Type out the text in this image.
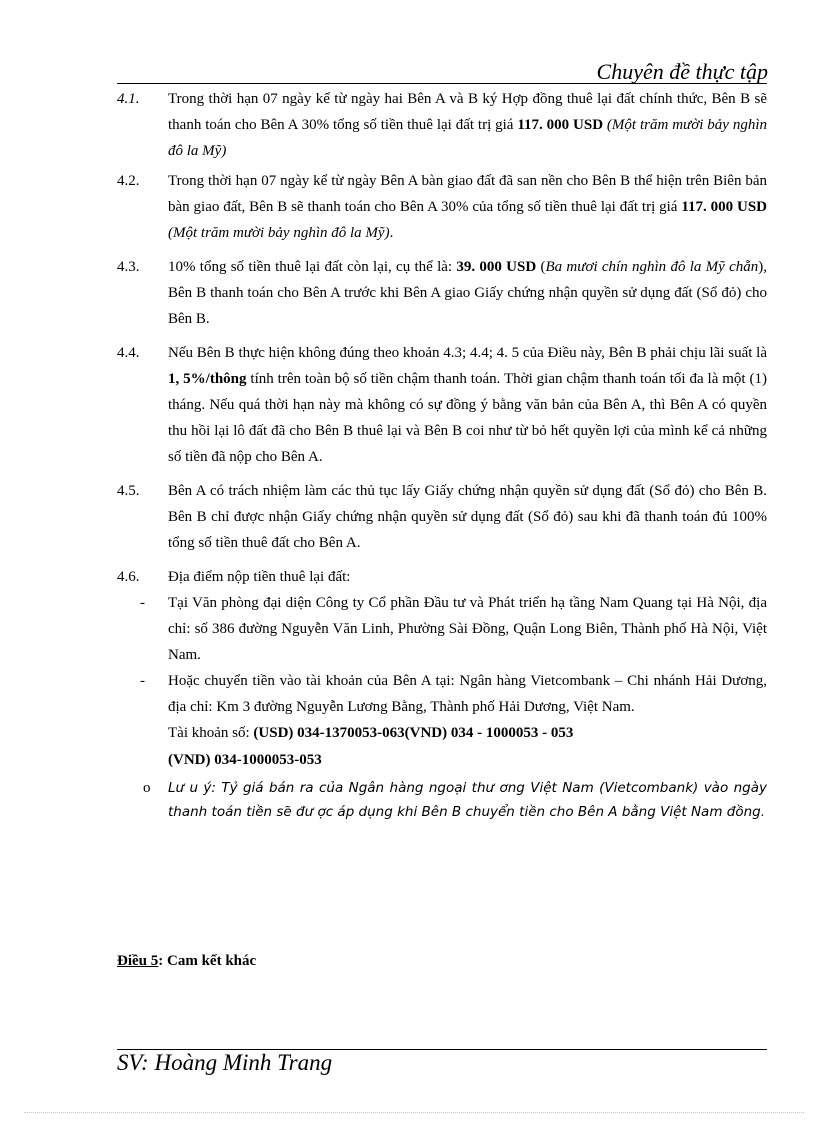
Chuyên đề thực tập
4.1.	Trong thời hạn 07 ngày kể từ ngày hai Bên A và B ký Hợp đồng thuê lại đất chính thức, Bên B sẽ thanh toán cho Bên A 30% tổng số tiền thuê lại đất trị giá 117. 000 USD (Một trăm mười bảy nghìn đô la Mỹ)
4.2.	Trong thời hạn 07 ngày kể từ ngày Bên A bàn giao đất đã san nền cho Bên B thể hiện trên Biên bản bàn giao đất, Bên B sẽ thanh toán cho Bên A 30% của tổng số tiền thuê lại đất trị giá 117. 000 USD (Một trăm mười bảy nghìn đô la Mỹ).
4.3.	10% tổng số tiền thuê lại đất còn lại, cụ thể là: 39. 000 USD (Ba mươi chín nghìn đô la Mỹ chẵn), Bên B thanh toán cho Bên A trước khi Bên A giao Giấy chứng nhận quyền sử dụng đất (Sổ đỏ) cho Bên B.
4.4.	Nếu Bên B thực hiện không đúng theo khoản 4.3; 4.4; 4. 5 của Điều này, Bên B phải chịu lãi suất là 1, 5%/thông tính trên toàn bộ số tiền chậm thanh toán. Thời gian chậm thanh toán tối đa là một (1) tháng. Nếu quá thời hạn này mà không có sự đồng ý bằng văn bản của Bên A, thì Bên A có quyền thu hồi lại lô đất đã cho Bên B thuê lại và Bên B coi như từ bỏ hết quyền lợi của mình kể cả những số tiền đã nộp cho Bên A.
4.5.	Bên A có trách nhiệm làm các thủ tục lấy Giấy chứng nhận quyền sử dụng đất (Sổ đỏ) cho Bên B. Bên B chỉ được nhận Giấy chứng nhận quyền sử dụng đất (Sổ đỏ) sau khi đã thanh toán đủ 100% tổng số tiền thuê đất cho Bên A.
4.6.	Địa điểm nộp tiền thuê lại đất:
-	Tại Văn phòng đại diện Công ty Cổ phần Đầu tư và Phát triển hạ tầng Nam Quang tại Hà Nội, địa chỉ: số 386 đường Nguyễn Văn Linh, Phường Sài Đồng, Quận Long Biên, Thành phố Hà Nội, Việt Nam.
-	Hoặc chuyển tiền vào tài khoản của Bên A tại: Ngân hàng Vietcombank – Chi nhánh Hải Dương, địa chỉ: Km 3 đường Nguyễn Lương Bằng, Thành phố Hải Dương, Việt Nam.
Tài khoản số: (USD) 034-1370053-063(VND) 034 - 1000053 - 053
(VND) 034-1000053-053
o	Lư u ý: Tỷ giá bán ra của Ngân hàng ngoại thư ơng Việt Nam (Vietcombank) vào ngày thanh toán tiền sẽ đư ợc áp dụng khi Bên B chuyển tiền cho Bên A bằng Việt Nam đồng.
Điều 5: Cam kết khác
SV: Hoàng Minh Trang
